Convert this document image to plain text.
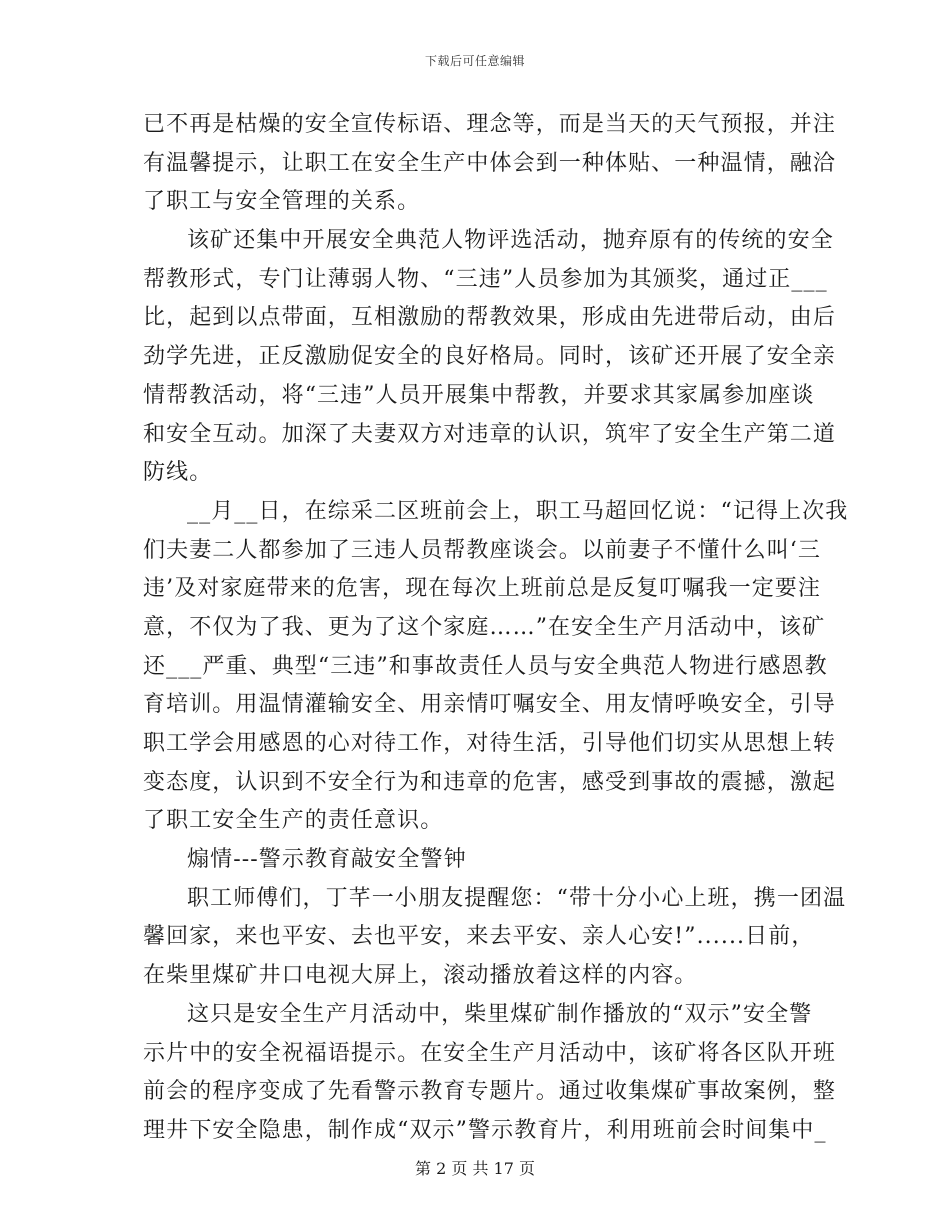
下载后可任意编辑
已不再是枯燥的安全宣传标语、理念等，而是当天的天气预报，并注
有温馨提示，让职工在安全生产中体会到一种体贴、一种温情，融洽
了职工与安全管理的关系。
该矿还集中开展安全典范人物评选活动，抛弃原有的传统的安全
帮教形式，专门让薄弱人物、“三违”人员参加为其颁奖，通过正___
比，起到以点带面，互相激励的帮教效果，形成由先进带后动，由后
劲学先进，正反激励促安全的良好格局。同时，该矿还开展了安全亲
情帮教活动，将“三违”人员开展集中帮教，并要求其家属参加座谈
和安全互动。加深了夫妻双方对违章的认识，筑牢了安全生产第二道
防线。
__月__日，在综采二区班前会上，职工马超回忆说：“记得上次我
们夫妻二人都参加了三违人员帮教座谈会。以前妻子不懂什么叫‘三
违’及对家庭带来的危害，现在每次上班前总是反复叮嘱我一定要注
意，不仅为了我、更为了这个家庭……”在安全生产月活动中，该矿
还___严重、典型“三违”和事故责任人员与安全典范人物进行感恩教
育培训。用温情灌输安全、用亲情叮嘱安全、用友情呼唤安全，引导
职工学会用感恩的心对待工作，对待生活，引导他们切实从思想上转
变态度，认识到不安全行为和违章的危害，感受到事故的震撼，激起
了职工安全生产的责任意识。
煽情---警示教育敲安全警钟
职工师傅们，丁芊一小朋友提醒您：“带十分小心上班，携一团温
馨回家，来也平安、去也平安，来去平安、亲人心安!”......日前，
在柴里煤矿井口电视大屏上，滚动播放着这样的内容。
这只是安全生产月活动中，柴里煤矿制作播放的“双示”安全警
示片中的安全祝福语提示。在安全生产月活动中，该矿将各区队开班
前会的程序变成了先看警示教育专题片。通过收集煤矿事故案例，整
理井下安全隐患，制作成“双示”警示教育片，利用班前会时间集中_
第 2 页 共 17 页
